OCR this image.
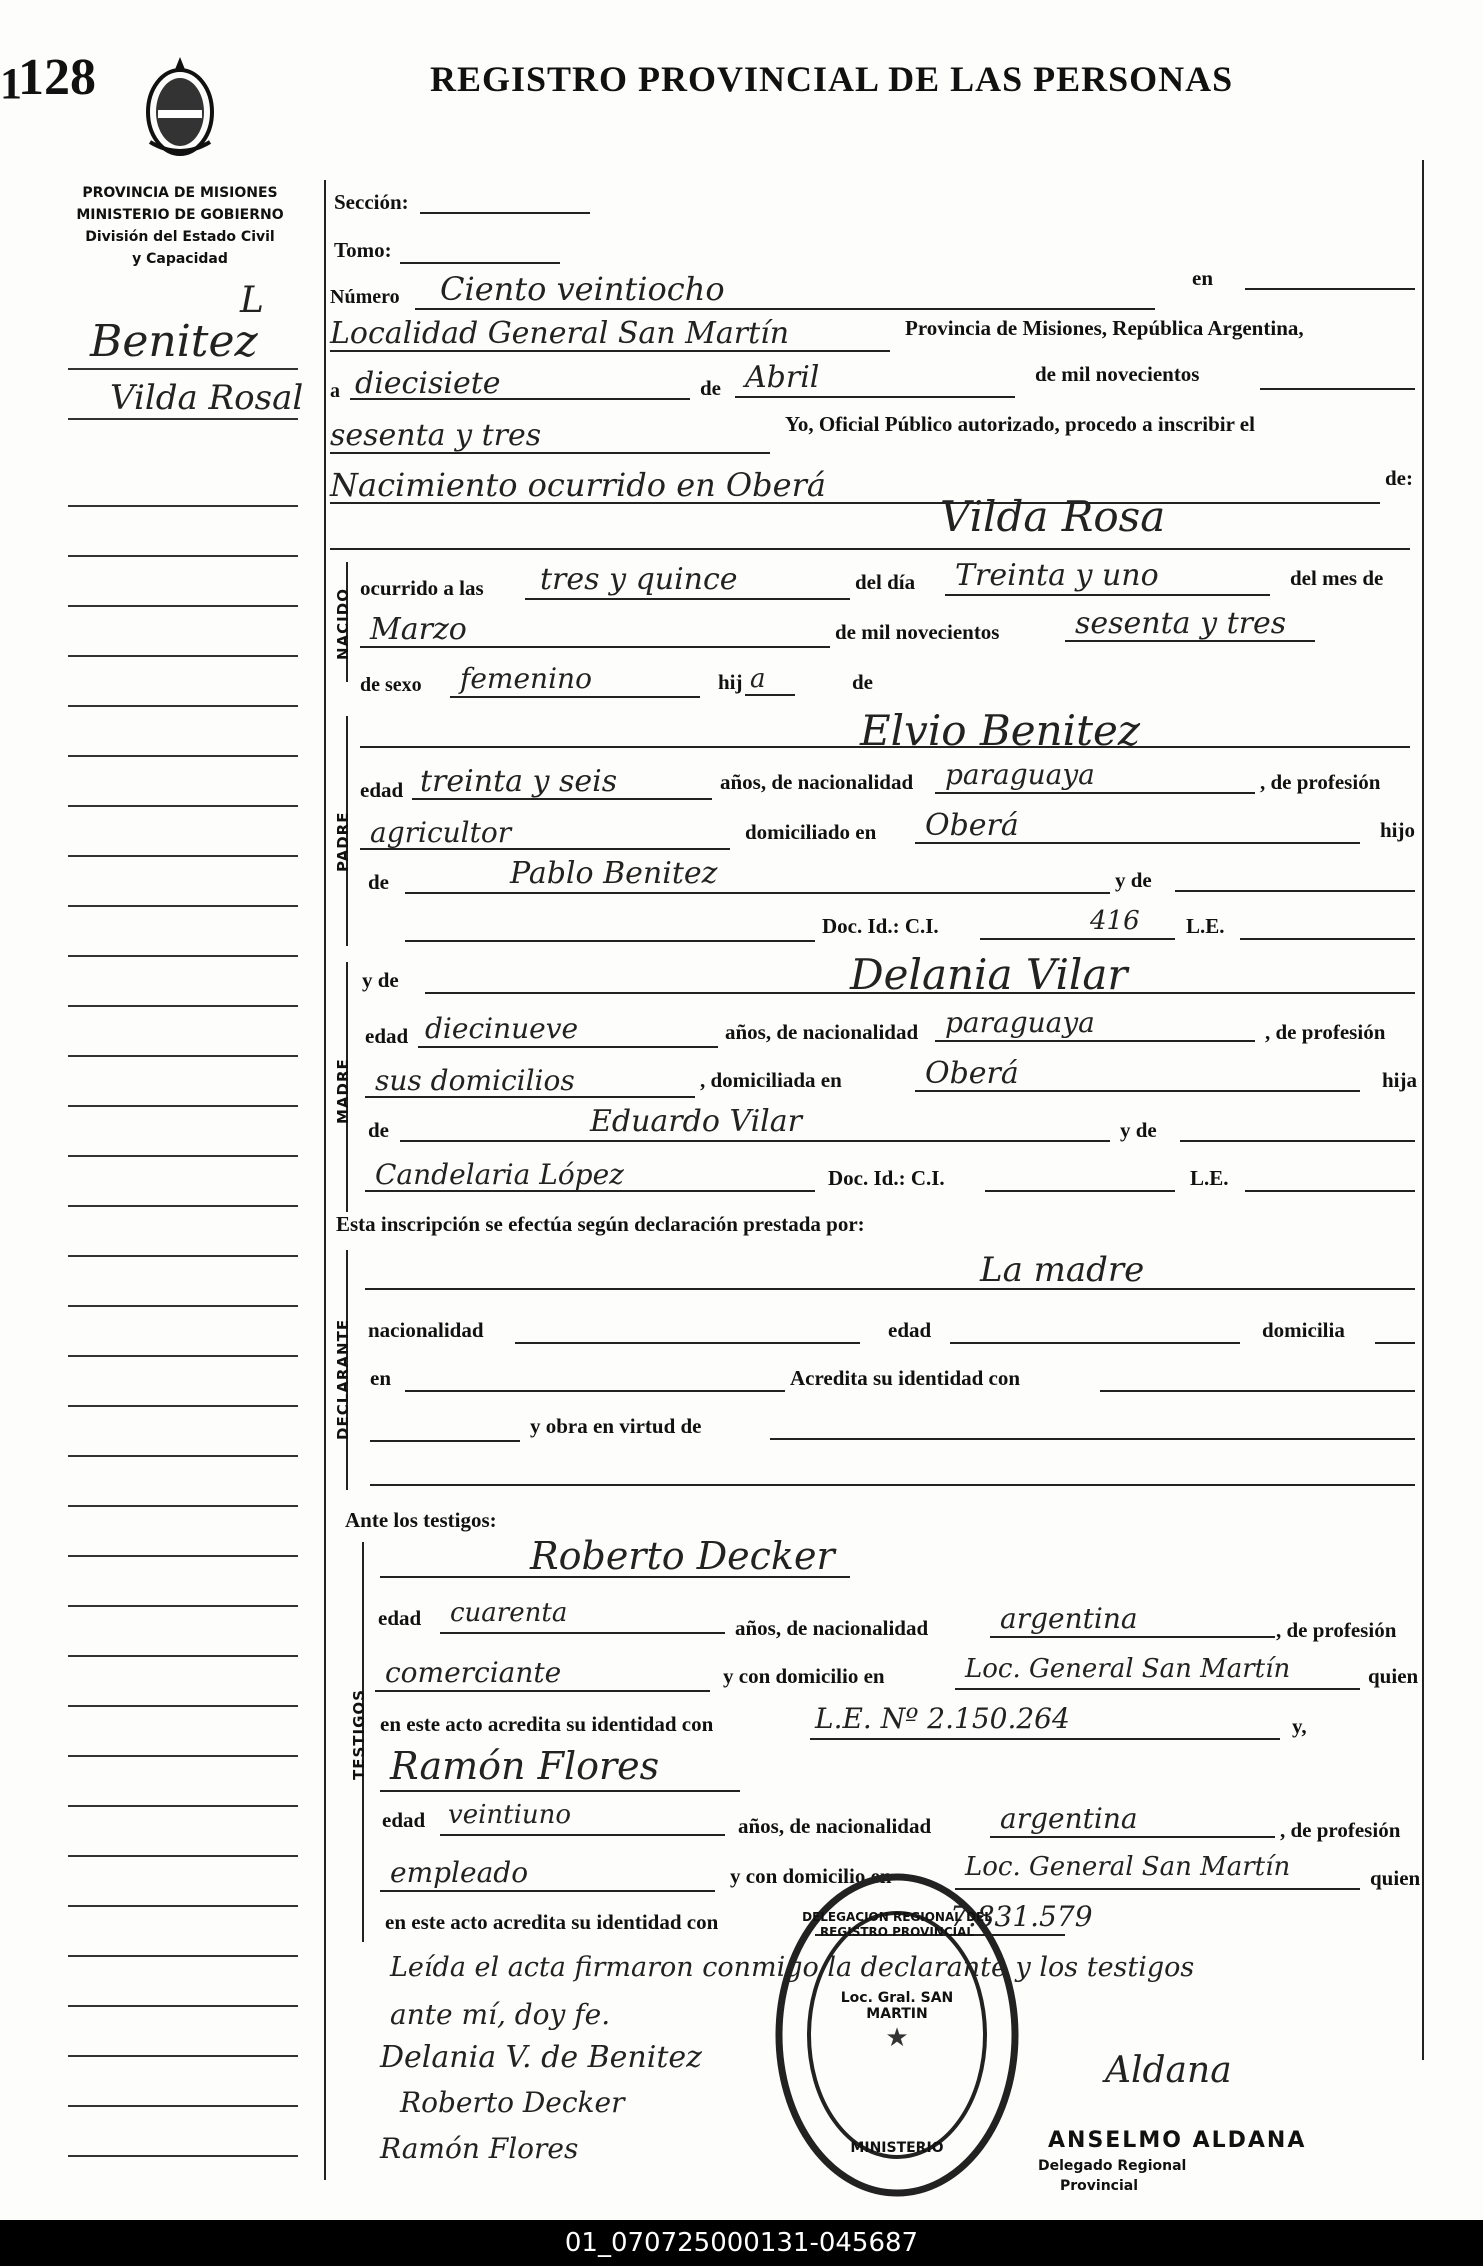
1
128	REGISTRO PROVINCIAL DE LAS PERSONAS
PROVINCIA DE MISIONES
MINISTERIO DE GOBIERNO
División del Estado Civil
y Capacidad
L
Benitez
Vilda Rosal
Sección:
Tomo:
Número Ciento veintiocho	en
Localidad General San Martín	Provincia de Misiones, República Argentina,
a diecisiete	de Abril	de mil novecientos
sesenta y tres	Yo, Oficial Público autorizado, procedo a inscribir el
Nacimiento ocurrido en Oberá	de:
Vilda Rosa
NACIDO
ocurrido a las tres y quince	del día Treinta y uno	del mes de
Marzo	de mil novecientos	sesenta y tres
de sexo femenino	hij a	de
PADRE
Elvio Benitez
edad treinta y seis	años, de nacionalidad paraguaya	, de profesión
agricultor	domiciliado en Oberá	hijo
de	Pablo Benitez	y de
Doc. Id.: C.I.	416 L.E.
MADRE
y de	Delania Vilar
edad diecinueve	años, de nacionalidad paraguaya	, de profesión
sus domicilios	, domiciliada en	Oberá	hija
de	Eduardo Vilar	y de
Candelaria López	Doc. Id.: C.I.	L.E.
Esta inscripción se efectúa según declaración prestada por:
DECLARANTE
La madre
nacionalidad	edad	domicilia
en	Acredita su identidad con
y obra en virtud de
Ante los testigos:
TESTIGOS
Roberto Decker
edad cuarenta	años, de nacionalidad	argentina	, de profesión
comerciante	y con domicilio en	Loc. General San Martín	quien
en este acto acredita su identidad con	L.E. Nº 2.150.264	y,
Ramón Flores
edad veintiuno	años, de nacionalidad argentina	, de profesión
empleado	y con domicilio en	Loc. General San Martín	quien
en este acto acredita su identidad con	7.831.579
Leída el acta firmaron conmigo la declarante y los testigos
ante mí, doy fe.
Delania V. de Benitez
Roberto Decker
Ramón Flores
★
DELEGACION REGIONAL DEL REGISTRO PROVINCIAL
Loc. Gral. SAN MARTIN
MINISTERIO
Aldana
ANSELMO ALDANA
Delegado Regional
Provincial
01_070725000131-045687
